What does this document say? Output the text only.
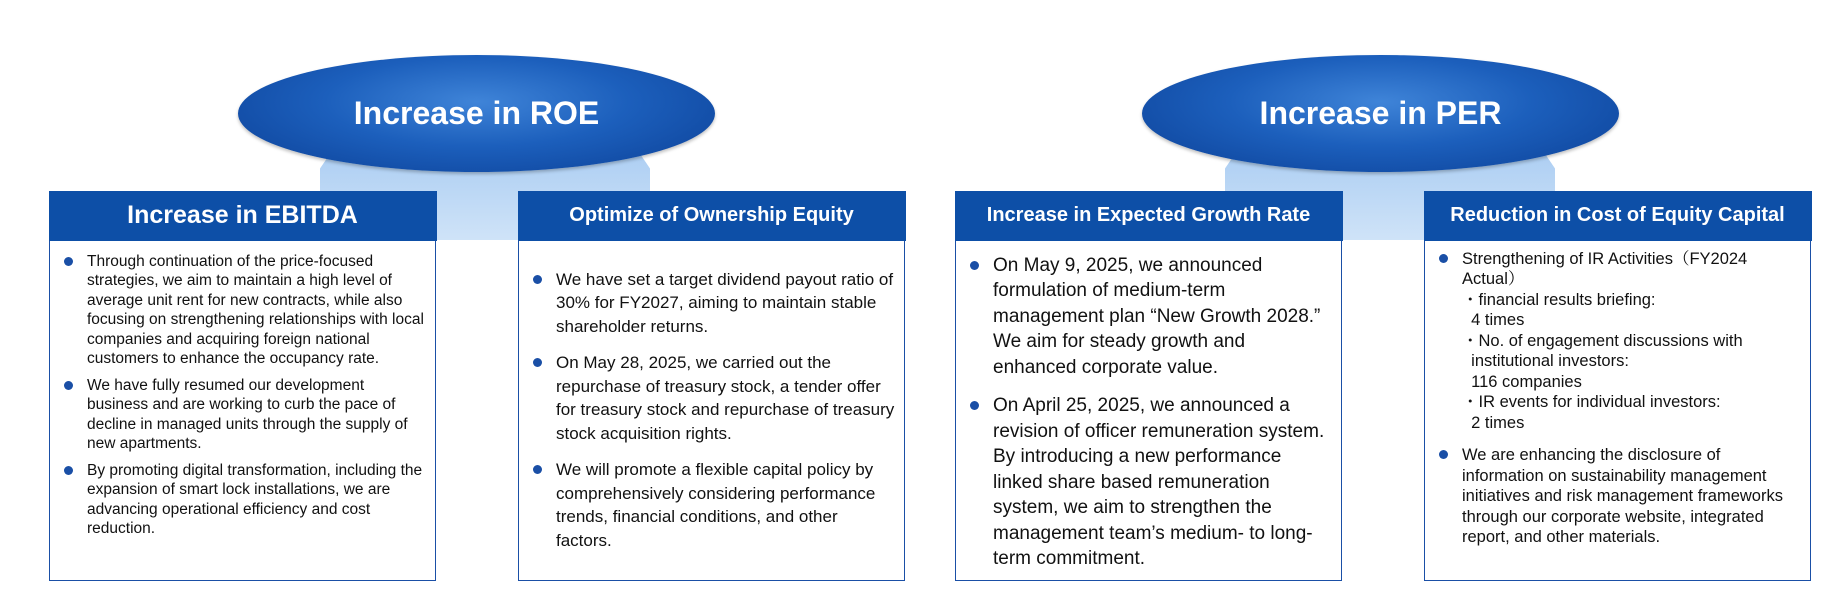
Increase in ROE	Increase in PER
Increase in EBITDA
Through continuation of the price-focused strategies, we aim to maintain a high level of average unit rent for new contracts, while also focusing on strengthening relationships with local companies and acquiring foreign national customers to enhance the occupancy rate.
We have fully resumed our development business and are working to curb the pace of decline in managed units through the supply of new apartments.
By promoting digital transformation, including the expansion of smart lock installations, we are advancing operational efficiency and cost reduction.
Optimize of Ownership Equity
We have set a target dividend payout ratio of 30% for FY2027, aiming to maintain stable shareholder returns.
On May 28, 2025, we carried out the repurchase of treasury stock, a tender offer for treasury stock and repurchase of treasury stock acquisition rights.
We will promote a flexible capital policy by comprehensively considering performance trends, financial conditions, and other factors.
Increase in Expected Growth Rate
On May 9, 2025, we announced formulation of medium-term management plan “New Growth 2028.” We aim for steady growth and enhanced corporate value.
On April 25, 2025, we announced a revision of officer remuneration system. By introducing a new performance linked share based remuneration system, we aim to strengthen the management team’s medium- to long-term commitment.
Reduction in Cost of Equity Capital
Strengthening of IR Activities（FY2024 Actual）
・financial results briefing:
4 times
・No. of engagement discussions with
institutional investors:
116 companies
・IR events for individual investors:
2 times
We are enhancing the disclosure of information on sustainability management initiatives and risk management frameworks through our corporate website, integrated report, and other materials.
